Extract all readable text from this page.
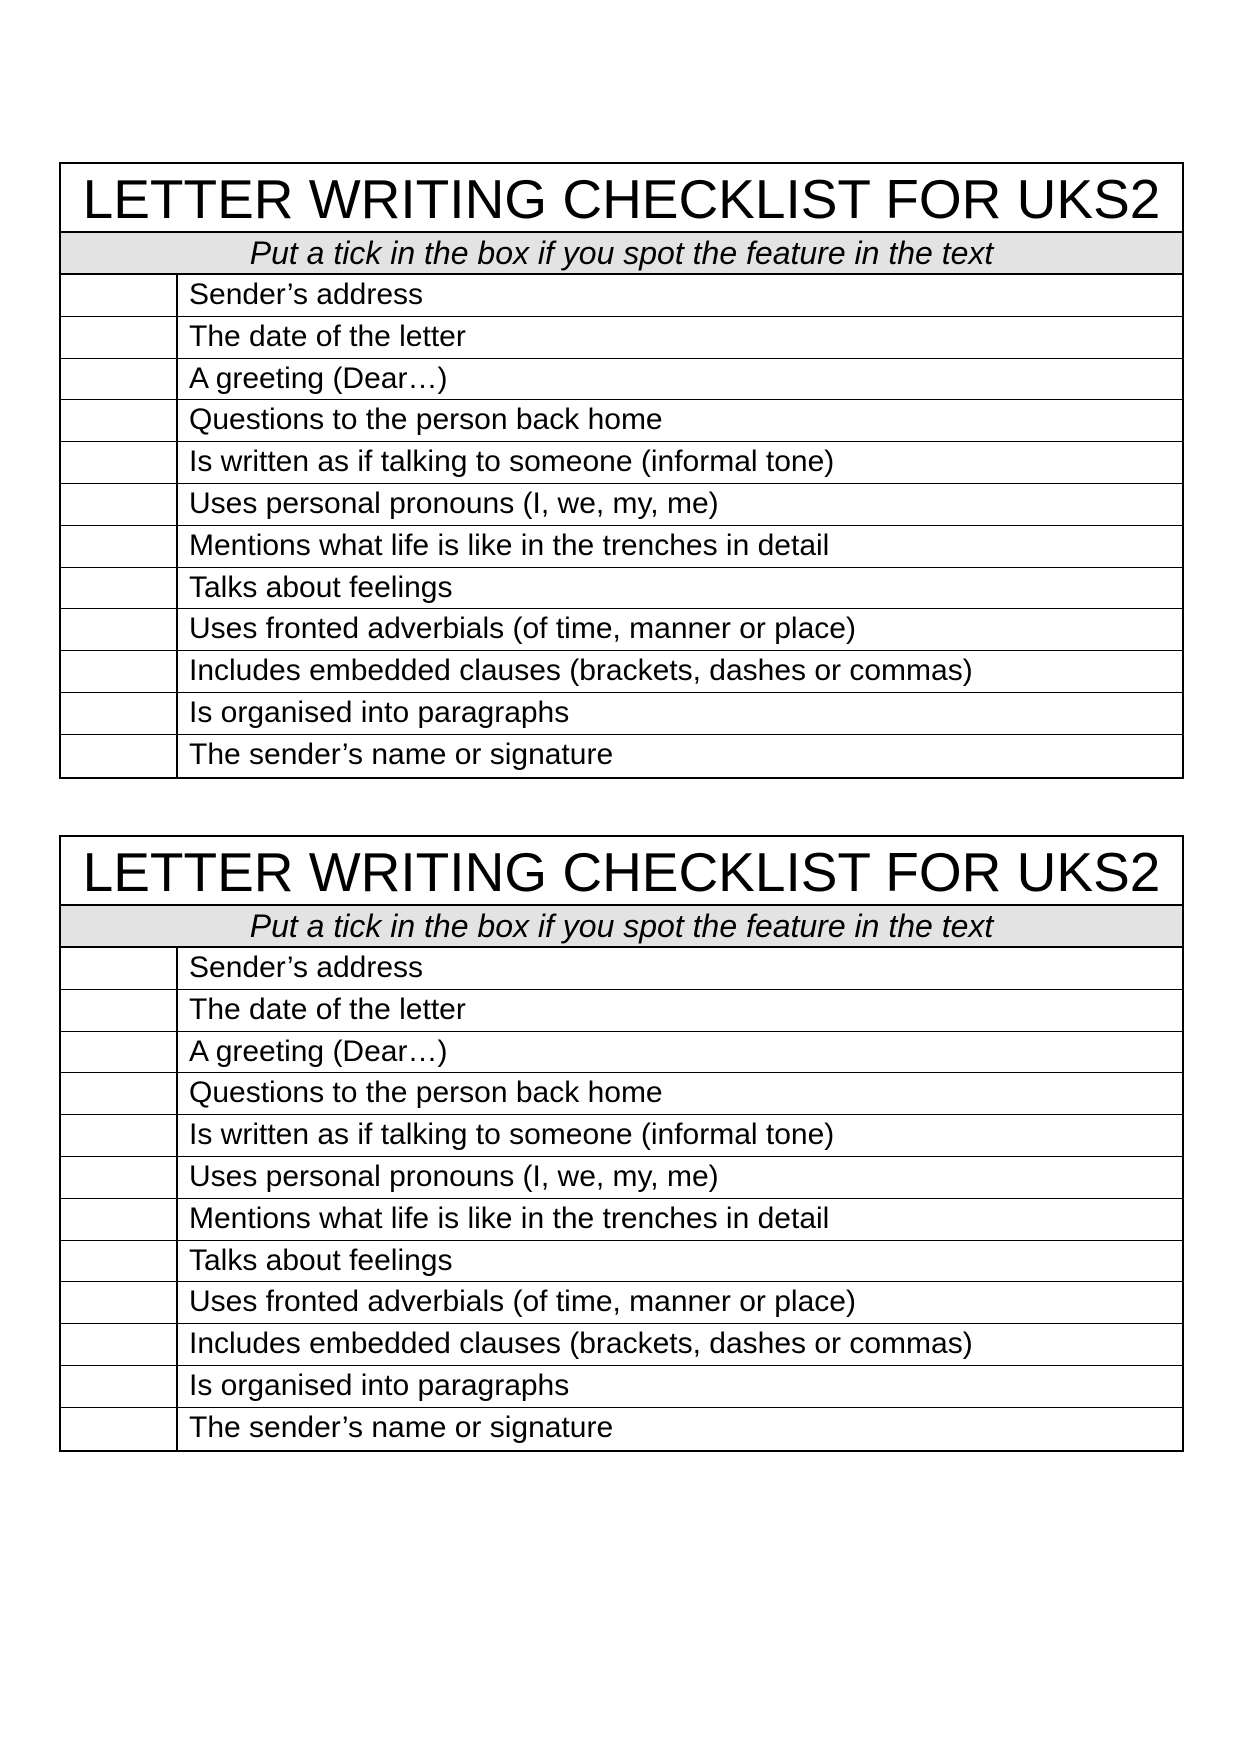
LETTER WRITING CHECKLIST FOR UKS2
Put a tick in the box if you spot the feature in the text
Sender’s address
The date of the letter
A greeting (Dear…)
Questions to the person back home
Is written as if talking to someone (informal tone)
Uses personal pronouns (I, we, my, me)
Mentions what life is like in the trenches in detail
Talks about feelings
Uses fronted adverbials (of time, manner or place)
Includes embedded clauses (brackets, dashes or commas)
Is organised into paragraphs
The sender’s name or signature
LETTER WRITING CHECKLIST FOR UKS2
Put a tick in the box if you spot the feature in the text
Sender’s address
The date of the letter
A greeting (Dear…)
Questions to the person back home
Is written as if talking to someone (informal tone)
Uses personal pronouns (I, we, my, me)
Mentions what life is like in the trenches in detail
Talks about feelings
Uses fronted adverbials (of time, manner or place)
Includes embedded clauses (brackets, dashes or commas)
Is organised into paragraphs
The sender’s name or signature
